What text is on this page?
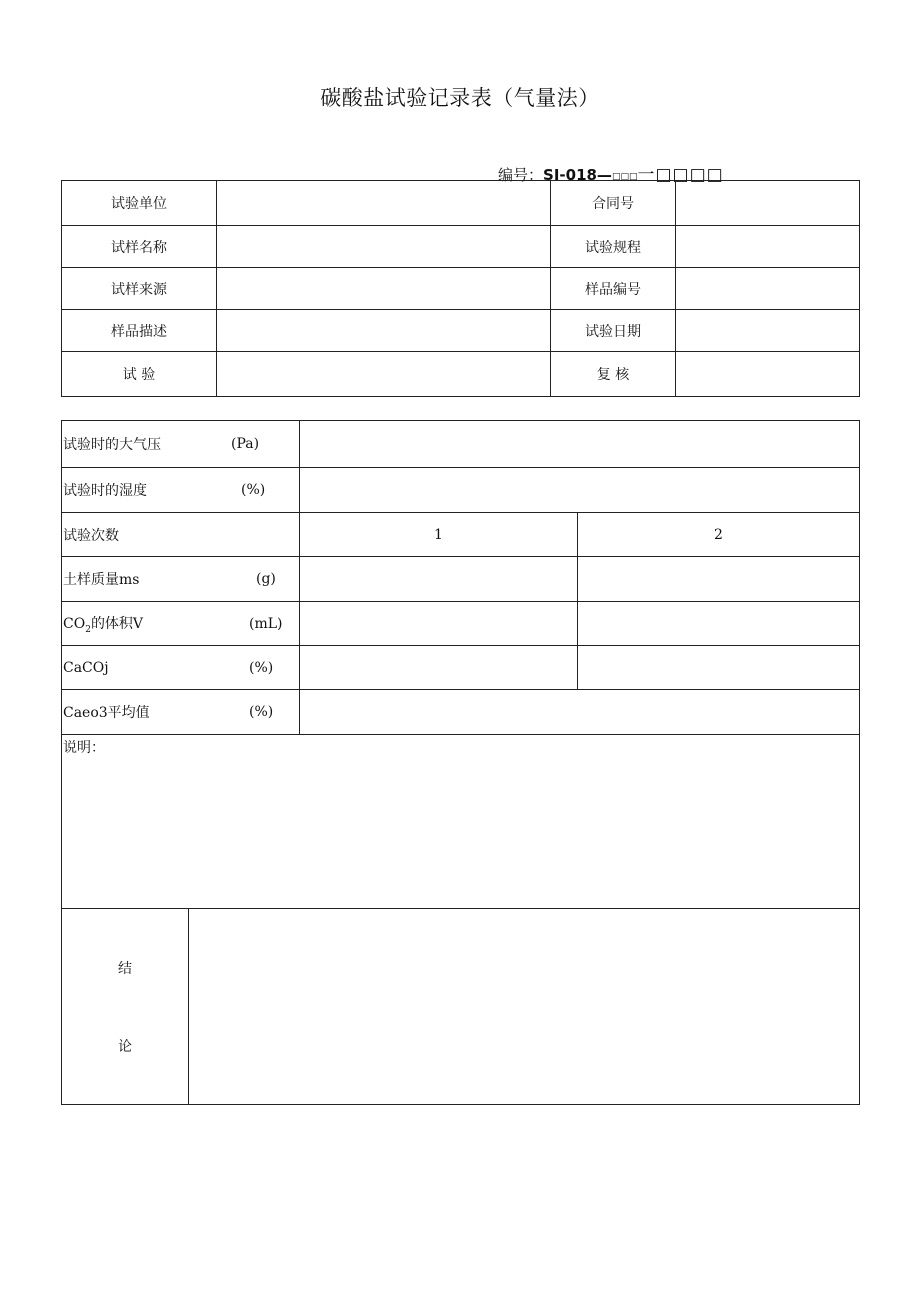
碳酸盐试验记录表（气量法）
编号：SI-018—□□□一□□□□
试验单位		合同号	
试样名称		试验规程	
试样来源		样品编号	
样品描述		试验日期	
试 验		复 核	
试验时的大气压 (Pa)			

试验时的湿度 (%)			

试验次数		1	2
土样质量ms (g)			

$CO_2$的体积V (mL)			

CaCOj (%)			

Caeo3平均值 (%)			

说明：			

结
论			
